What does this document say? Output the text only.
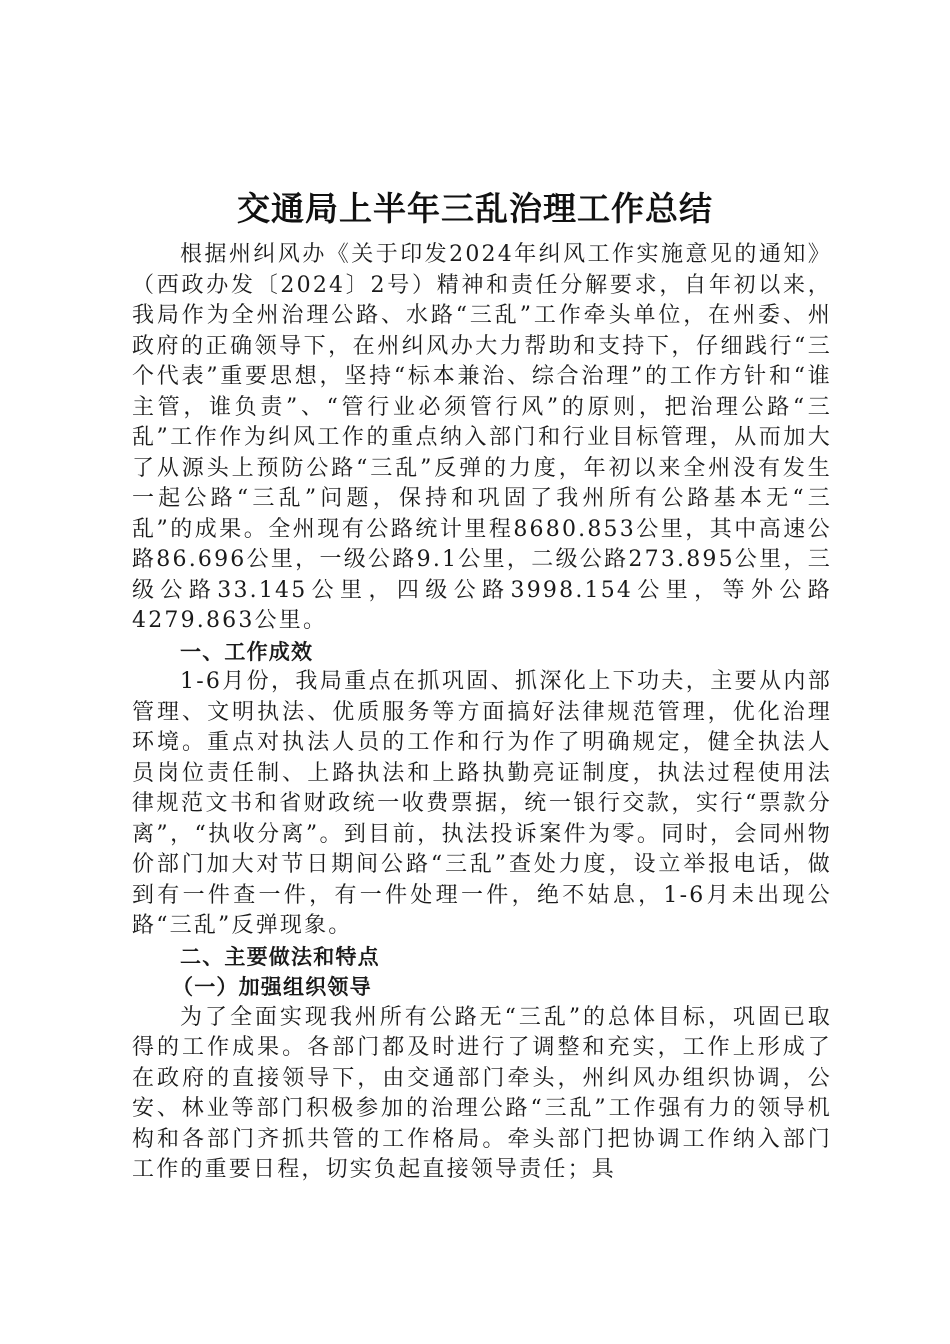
交通局上半年三乱治理工作总结

根据州纠风办《关于印发2024年纠风工作实施意见的通知》（西政办发〔2024〕2号）精神和责任分解要求，自年初以来，我局作为全州治理公路、水路“三乱”工作牵头单位，在州委、州政府的正确领导下，在州纠风办大力帮助和支持下，仔细践行“三个代表”重要思想，坚持“标本兼治、综合治理”的工作方针和“谁主管，谁负责”、“管行业必须管行风”的原则，把治理公路“三乱”工作作为纠风工作的重点纳入部门和行业目标管理，从而加大了从源头上预防公路“三乱”反弹的力度，年初以来全州没有发生一起公路“三乱”问题，保持和巩固了我州所有公路基本无“三乱”的成果。全州现有公路统计里程8680.853公里，其中高速公路86.696公里，一级公路9.1公里，二级公路273.895公里，三级公路33.145公里，四级公路3998.154公里，等外公路4279.863公里。

一、工作成效

1-6月份，我局重点在抓巩固、抓深化上下功夫，主要从内部管理、文明执法、优质服务等方面搞好法律规范管理，优化治理环境。重点对执法人员的工作和行为作了明确规定，健全执法人员岗位责任制、上路执法和上路执勤亮证制度，执法过程使用法律规范文书和省财政统一收费票据，统一银行交款，实行“票款分离”，“执收分离”。到目前，执法投诉案件为零。同时，会同州物价部门加大对节日期间公路“三乱”查处力度，设立举报电话，做到有一件查一件，有一件处理一件，绝不姑息，1-6月未出现公路“三乱”反弹现象。

二、主要做法和特点

（一）加强组织领导

为了全面实现我州所有公路无“三乱”的总体目标，巩固已取得的工作成果。各部门都及时进行了调整和充实，工作上形成了在政府的直接领导下，由交通部门牵头，州纠风办组织协调，公安、林业等部门积极参加的治理公路“三乱”工作强有力的领导机构和各部门齐抓共管的工作格局。牵头部门把协调工作纳入部门工作的重要日程，切实负起直接领导责任；具
